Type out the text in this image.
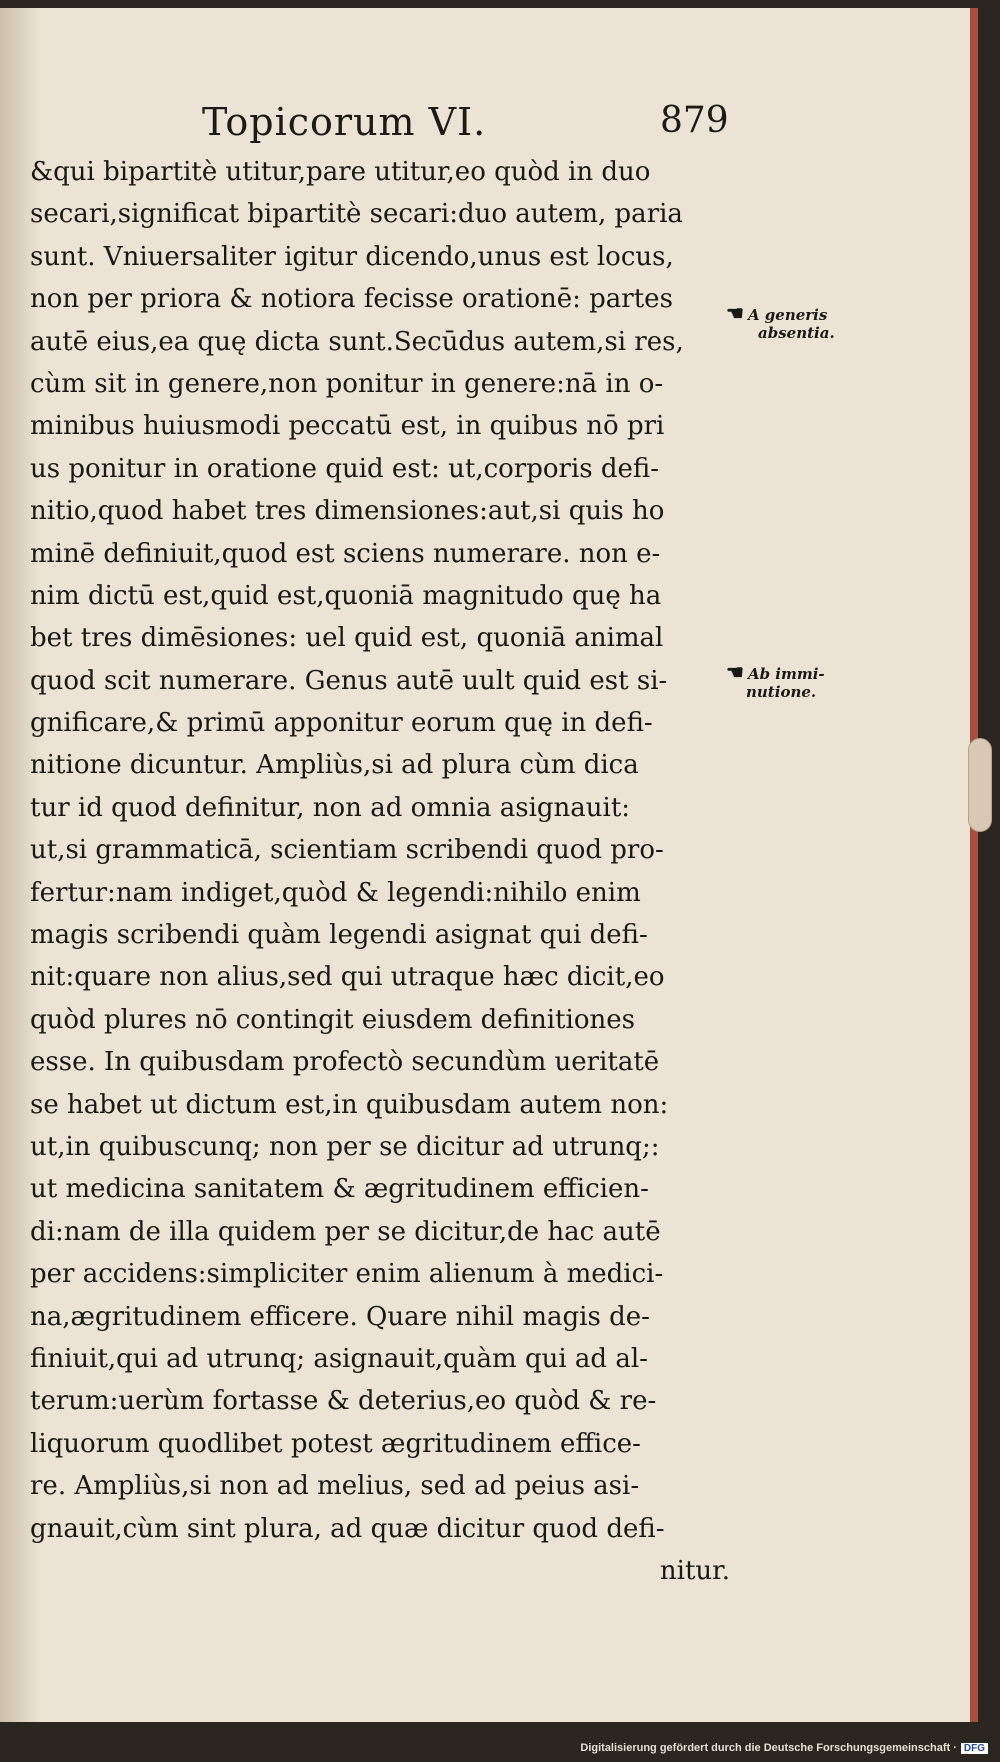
Topicorum VI.	879
&qui bipartitè utitur,pare utitur,eo quòd in duo
secari,significat bipartitè secari:duo autem, paria
sunt. Vniuersaliter igitur dicendo,unus est locus,
non per priora & notiora fecisse orationē: partes
autē eius,ea quę dicta sunt.Secūdus autem,si res,
cùm sit in genere,non ponitur in genere:nā in o-
minibus huiusmodi peccatū est, in quibus nō pri
us ponitur in oratione quid est: ut,corporis defi-
nitio,quod habet tres dimensiones:aut,si quis ho
minē definiuit,quod est sciens numerare. non e-
nim dictū est,quid est,quoniā magnitudo quę ha
bet tres dimēsiones: uel quid est, quoniā animal
quod scit numerare. Genus autē uult quid est si-
gnificare,& primū apponitur eorum quę in defi-
nitione dicuntur. Ampliùs,si ad plura cùm dica
tur id quod definitur, non ad omnia asignauit:
ut,si grammaticā, scientiam scribendi quod pro-
fertur:nam indiget,quòd & legendi:nihilo enim
magis scribendi quàm legendi asignat qui defi-
nit:quare non alius,sed qui utraque hæc dicit,eo
quòd plures nō contingit eiusdem definitiones
esse. In quibusdam profectò secundùm ueritatē
se habet ut dictum est,in quibusdam autem non:
ut,in quibuscunq; non per se dicitur ad utrunq;:
ut medicina sanitatem & ægritudinem efficien-
di:nam de illa quidem per se dicitur,de hac autē
per accidens:simpliciter enim alienum à medici-
na,ægritudinem efficere. Quare nihil magis de-
finiuit,qui ad utrunq; asignauit,quàm qui ad al-
terum:uerùm fortasse & deterius,eo quòd & re-
liquorum quodlibet potest ægritudinem effice-
re. Ampliùs,si non ad melius, sed ad peius asi-
gnauit,cùm sint plura, ad quæ dicitur quod defi-
nitur.
☚ A generis
absentia.
☚ Ab immi-
nutione.
Digitalisierung gefördert durch die Deutsche Forschungsgemeinschaft · DFG
